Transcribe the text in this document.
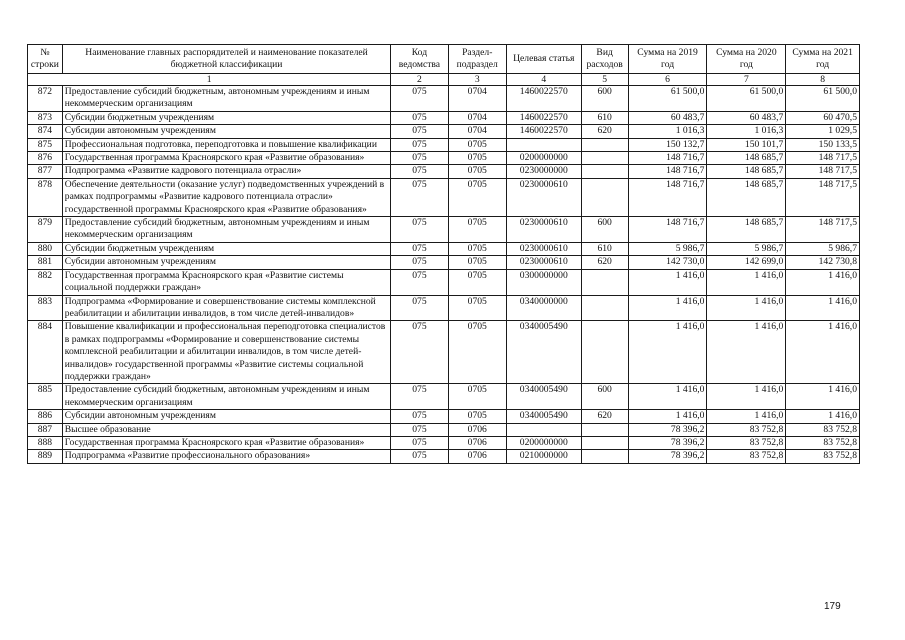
№ строки	Наименование главных распорядителей и наименование показателей бюджетной классификации	Код ведомства	Раздел-подраздел	Целевая статья	Вид расходов	Сумма на 2019 год	Сумма на 2020 год	Сумма на 2021 год
1		2	3	4	5	6	7	8
872	Предоставление субсидий бюджетным, автономным учреждениям и иным некоммерческим организациям	075	0704	1460022570	600	61 500,0	61 500,0	61 500,0
873	Субсидии бюджетным учреждениям	075	0704	1460022570	610	60 483,7	60 483,7	60 470,5
874	Субсидии автономным учреждениям	075	0704	1460022570	620	1 016,3	1 016,3	1 029,5
875	Профессиональная подготовка, переподготовка и повышение квалификации	075	0705			150 132,7	150 101,7	150 133,5
876	Государственная программа Красноярского края «Развитие образования»	075	0705	0200000000		148 716,7	148 685,7	148 717,5
877	Подпрограмма «Развитие кадрового потенциала отрасли»	075	0705	0230000000		148 716,7	148 685,7	148 717,5
878	Обеспечение деятельности (оказание услуг) подведомственных учреждений в рамках подпрограммы «Развитие кадрового потенциала отрасли» государственной программы Красноярского края «Развитие образования»	075	0705	0230000610		148 716,7	148 685,7	148 717,5
879	Предоставление субсидий бюджетным, автономным учреждениям и иным некоммерческим организациям	075	0705	0230000610	600	148 716,7	148 685,7	148 717,5
880	Субсидии бюджетным учреждениям	075	0705	0230000610	610	5 986,7	5 986,7	5 986,7
881	Субсидии автономным учреждениям	075	0705	0230000610	620	142 730,0	142 699,0	142 730,8
882	Государственная программа Красноярского края «Развитие системы социальной поддержки граждан»	075	0705	0300000000		1 416,0	1 416,0	1 416,0
883	Подпрограмма «Формирование и совершенствование системы комплексной реабилитации и абилитации инвалидов, в том числе детей-инвалидов»	075	0705	0340000000		1 416,0	1 416,0	1 416,0
884	Повышение квалификации и профессиональная переподготовка специалистов в рамках подпрограммы «Формирование и совершенствование системы комплексной реабилитации и абилитации инвалидов, в том числе детей-инвалидов» государственной программы «Развитие системы социальной поддержки граждан»	075	0705	0340005490		1 416,0	1 416,0	1 416,0
885	Предоставление субсидий бюджетным, автономным учреждениям и иным некоммерческим организациям	075	0705	0340005490	600	1 416,0	1 416,0	1 416,0
886	Субсидии автономным учреждениям	075	0705	0340005490	620	1 416,0	1 416,0	1 416,0
887	Высшее образование	075	0706			78 396,2	83 752,8	83 752,8
888	Государственная программа Красноярского края «Развитие образования»	075	0706	0200000000		78 396,2	83 752,8	83 752,8
889	Подпрограмма «Развитие профессионального образования»	075	0706	0210000000		78 396,2	83 752,8	83 752,8
179
